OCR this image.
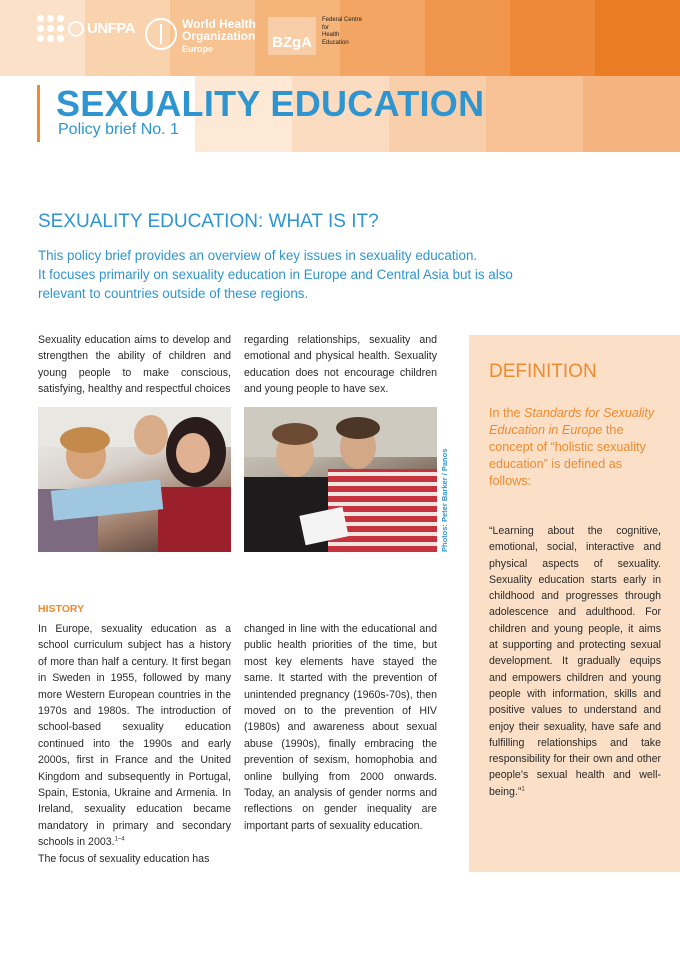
UNFPA	World Health
Organization
Europe	BZgA
Federal Centre
for
Health
Education
SEXUALITY EDUCATION
Policy brief No. 1
SEXUALITY EDUCATION: WHAT IS IT?

This policy brief provides an overview of key issues in sexuality education.

It focuses primarily on sexuality education in Europe and Central Asia but is also relevant to countries outside of these regions.

Sexuality education aims to develop and strengthen the ability of children and young people to make conscious, satisfying, healthy and respectful choices

regarding relationships, sexuality and emotional and physical health. Sexuality education does not encourage children and young people to have sex.

Photos: Peter Barker / Panos
HISTORY

In Europe, sexuality education as a school curriculum subject has a history of more than half a century. It first began in Sweden in 1955, followed by many more Western European countries in the 1970s and 1980s. The introduction of school-based sexuality education continued into the 1990s and early 2000s, first in France and the United Kingdom and subsequently in Portugal, Spain, Estonia, Ukraine and Armenia. In Ireland, sexuality education became mandatory in primary and secondary schools in 2003.$^{1-4}$

The focus of sexuality education has

changed in line with the educational and public health priorities of the time, but most key elements have stayed the same. It started with the prevention of unintended pregnancy (1960s-70s), then moved on to the prevention of HIV (1980s) and awareness about sexual abuse (1990s), finally embracing the prevention of sexism, homophobia and online bullying from 2000 onwards. Today, an analysis of gender norms and reflections on gender inequality are important parts of sexuality education.

DEFINITION
In the Standards for Sexuality Education in Europe the concept of “holistic sexuality education” is defined as follows:
“Learning about the cognitive, emotional, social, interactive and physical aspects of sexuality. Sexuality education starts early in childhood and progresses through adolescence and adulthood. For children and young people, it aims at supporting and protecting sexual development. It gradually equips and empowers children and young people with information, skills and positive values to understand and enjoy their sexuality, have safe and fulfilling relationships and take responsibility for their own and other people’s sexual health and well-being.”$^1$
